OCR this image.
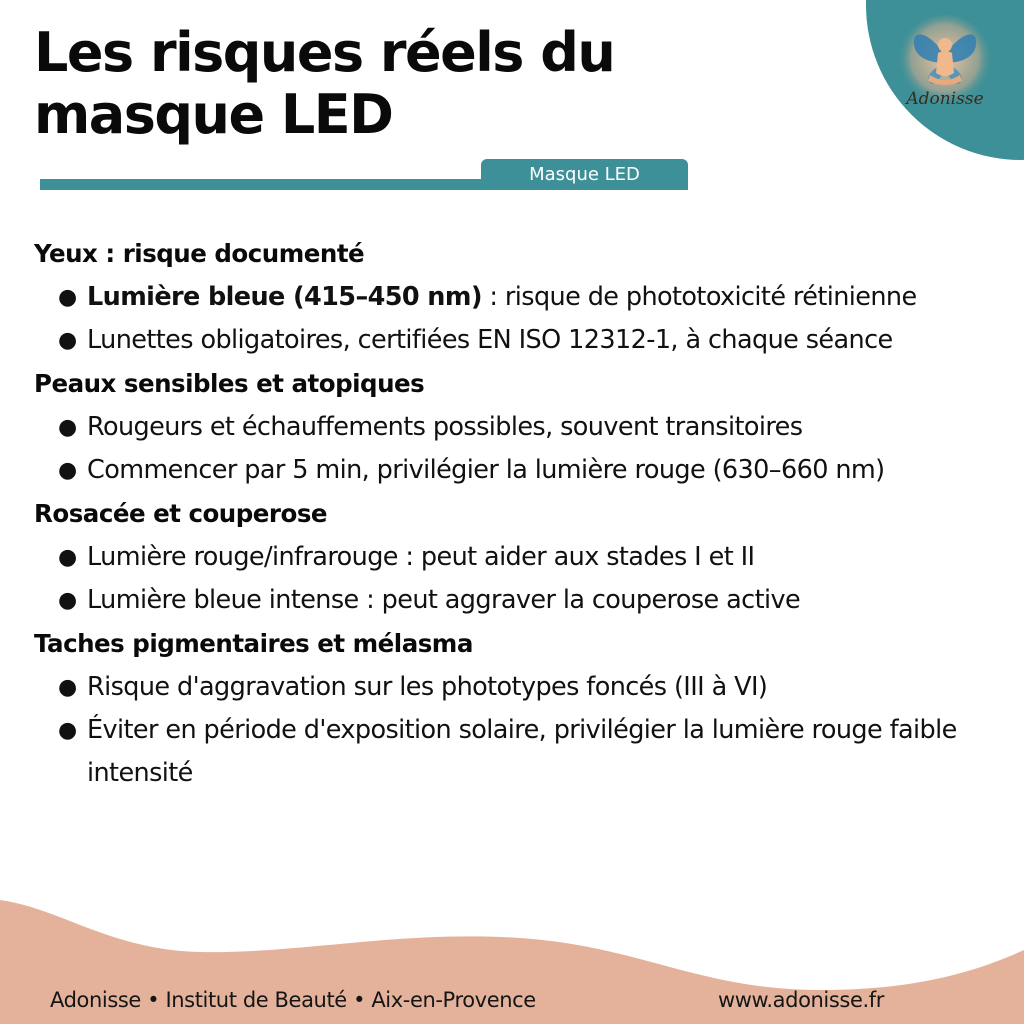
Adonisse
Les risques réels du
masque LED
Masque LED
Yeux : risque documenté
● Lumière bleue (415–450 nm) : risque de phototoxicité rétinienne
● Lunettes obligatoires, certifiées EN ISO 12312-1, à chaque séance
Peaux sensibles et atopiques
● Rougeurs et échauffements possibles, souvent transitoires
● Commencer par 5 min, privilégier la lumière rouge (630–660 nm)
Rosacée et couperose
● Lumière rouge/infrarouge : peut aider aux stades I et II
● Lumière bleue intense : peut aggraver la couperose active
Taches pigmentaires et mélasma
● Risque d'aggravation sur les phototypes foncés (III à VI)
● Éviter en période d'exposition solaire, privilégier la lumière rouge faible intensité
Adonisse • Institut de Beauté • Aix-en-Provence	www.adonisse.fr
